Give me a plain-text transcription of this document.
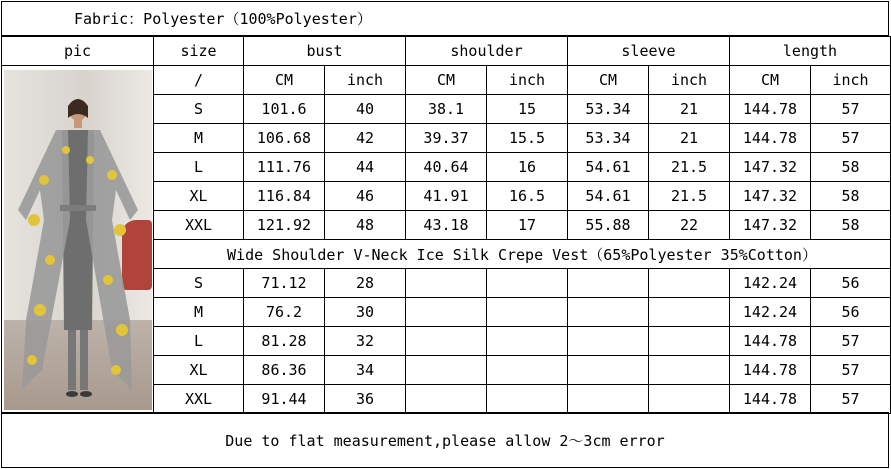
Fabric：Polyester（100%Polyester）
pic	size	bust		shoulder		sleeve		length	

	/	CM	inch	CM	inch	CM	inch	CM	inch
	S	101.6	40	38.1	15	53.34	21	144.78	57
	M	106.68	42	39.37	15.5	53.34	21	144.78	57
	L	111.76	44	40.64	16	54.61	21.5	147.32	58
	XL	116.84	46	41.91	16.5	54.61	21.5	147.32	58
	XXL	121.92	48	43.18	17	55.88	22	147.32	58
	Wide Shoulder V-Neck Ice Silk Crepe Vest（65%Polyester 35%Cotton）								
	S	71.12	28					142.24	56
	M	76.2	30					142.24	56
	L	81.28	32					144.78	57
	XL	86.36	34					144.78	57
	XXL	91.44	36					144.78	57
Due to flat measurement,please allow 2～3cm error
